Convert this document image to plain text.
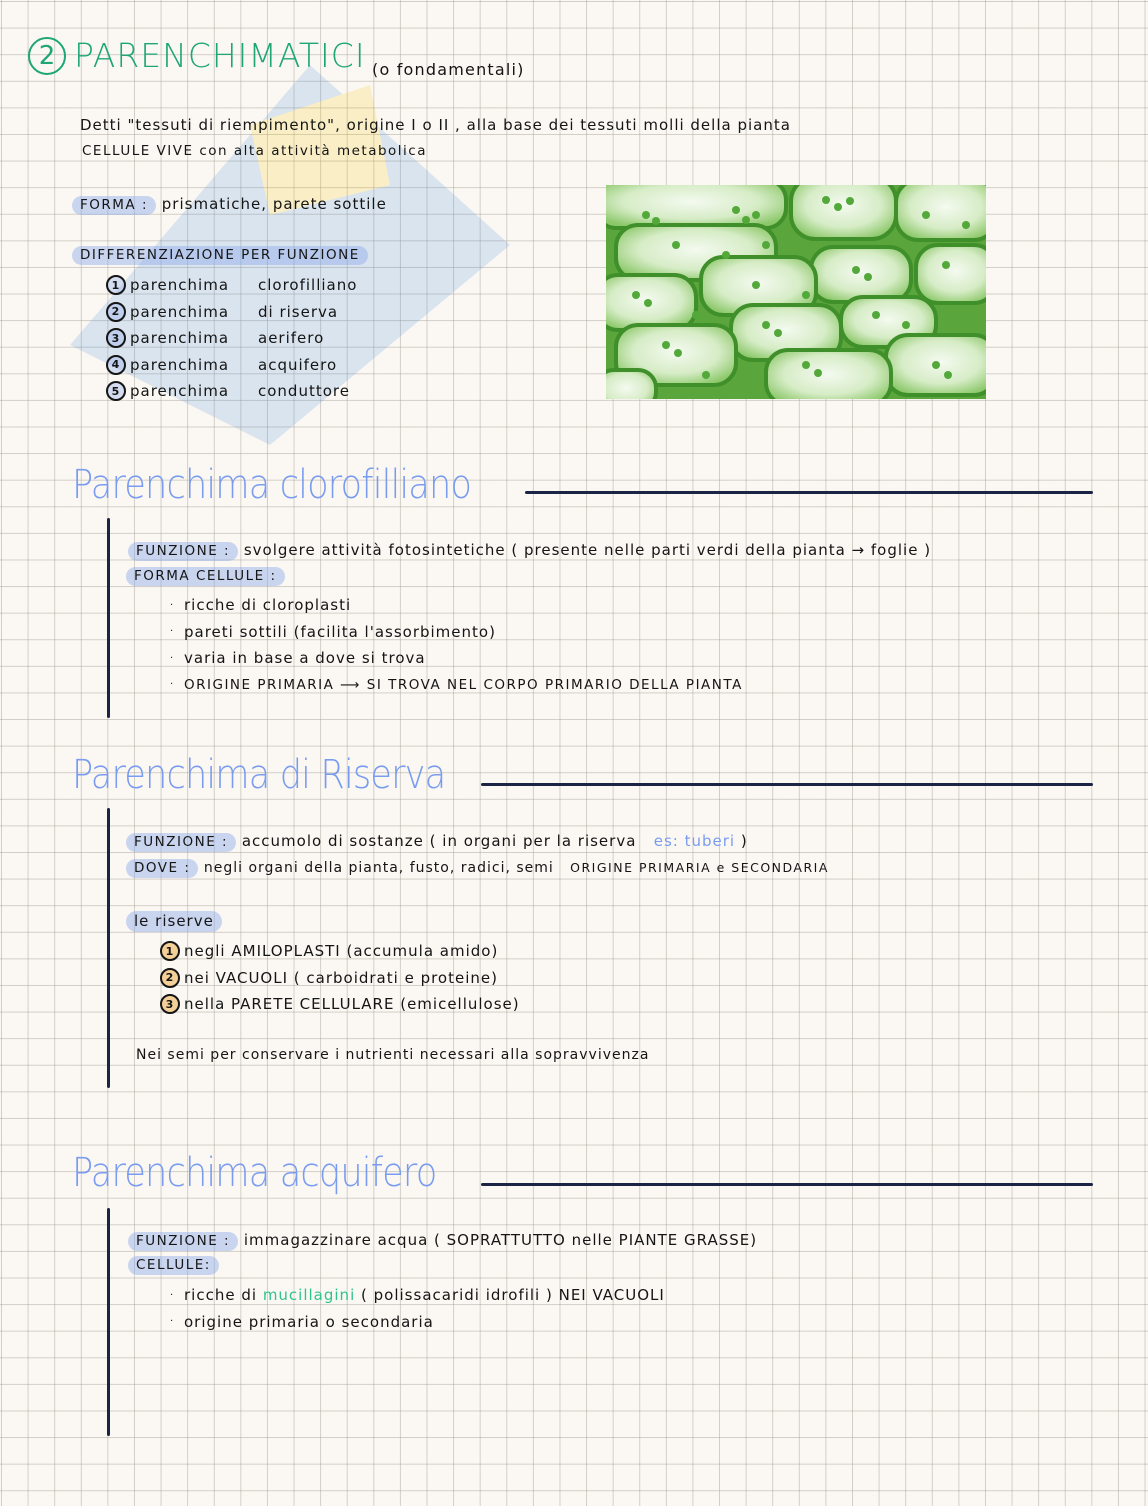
2 PARENCHIMATICI (o fondamentali)
Detti "tessuti di riempimento", origine I o II , alla base dei tessuti molli della pianta
CELLULE VIVE con alta attività metabolica
FORMA : prismatiche, parete sottile
DIFFERENZIAZIONE PER FUNZIONE
1 parenchima	clorofilliano
2 parenchima	di riserva
3 parenchima	aerifero
4 parenchima	acquifero
5 parenchima	conduttore
Parenchima clorofilliano
FUNZIONE : svolgere attività fotosintetiche ( presente nelle parti verdi della pianta → foglie )
FORMA CELLULE :
· ricche di cloroplasti
· pareti sottili (facilita l'assorbimento)
· varia in base a dove si trova
· ORIGINE PRIMARIA ⟶ SI TROVA NEL CORPO PRIMARIO DELLA PIANTA
Parenchima di Riserva
FUNZIONE : accumolo di sostanze ( in organi per la riserva es: tuberi )
DOVE : negli organi della pianta, fusto, radici, semi ORIGINE PRIMARIA e SECONDARIA
le riserve
1 negli AMILOPLASTI (accumula amido)
2 nei VACUOLI ( carboidrati e proteine)
3 nella PARETE CELLULARE (emicellulose)
Nei semi per conservare i nutrienti necessari alla sopravvivenza
Parenchima acquifero
FUNZIONE : immagazzinare acqua ( SOPRATTUTTO nelle PIANTE GRASSE)
CELLULE:
· ricche di
mucillagini
( polissacaridi idrofili ) NEI VACUOLI
· origine primaria o secondaria
